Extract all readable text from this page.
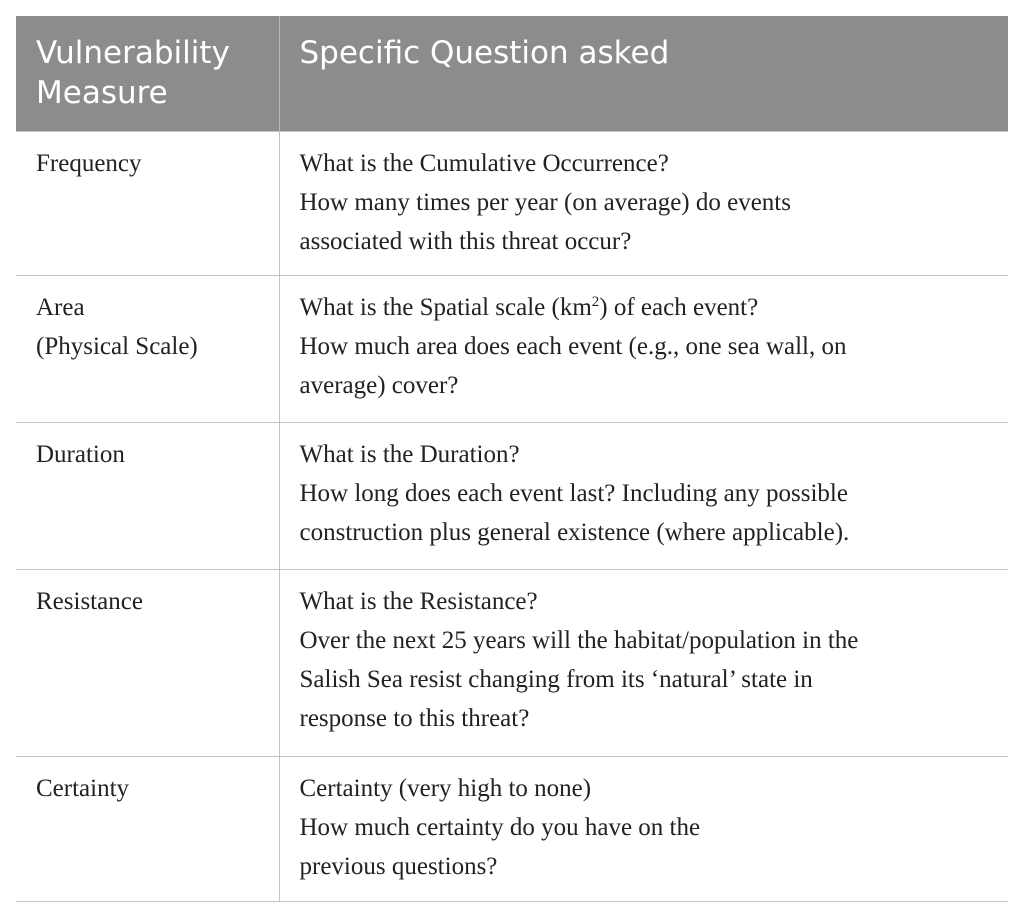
Vulnerability
Measure	Specific Question asked

Frequency	What is the Cumulative Occurrence?
How many times per year (on average) do events
associated with this threat occur?

Area
(Physical Scale)	What is the Spatial scale $(km^2)$ of each event?
How much area does each event (e.g., one sea wall, on
average) cover?

Duration	What is the Duration?
How long does each event last? Including any possible
construction plus general existence (where applicable).

Resistance	What is the Resistance?
Over the next 25 years will the habitat/population in the
Salish Sea resist changing from its ‘natural’ state in
response to this threat?

Certainty	Certainty (very high to none)
How much certainty do you have on the
previous questions?
